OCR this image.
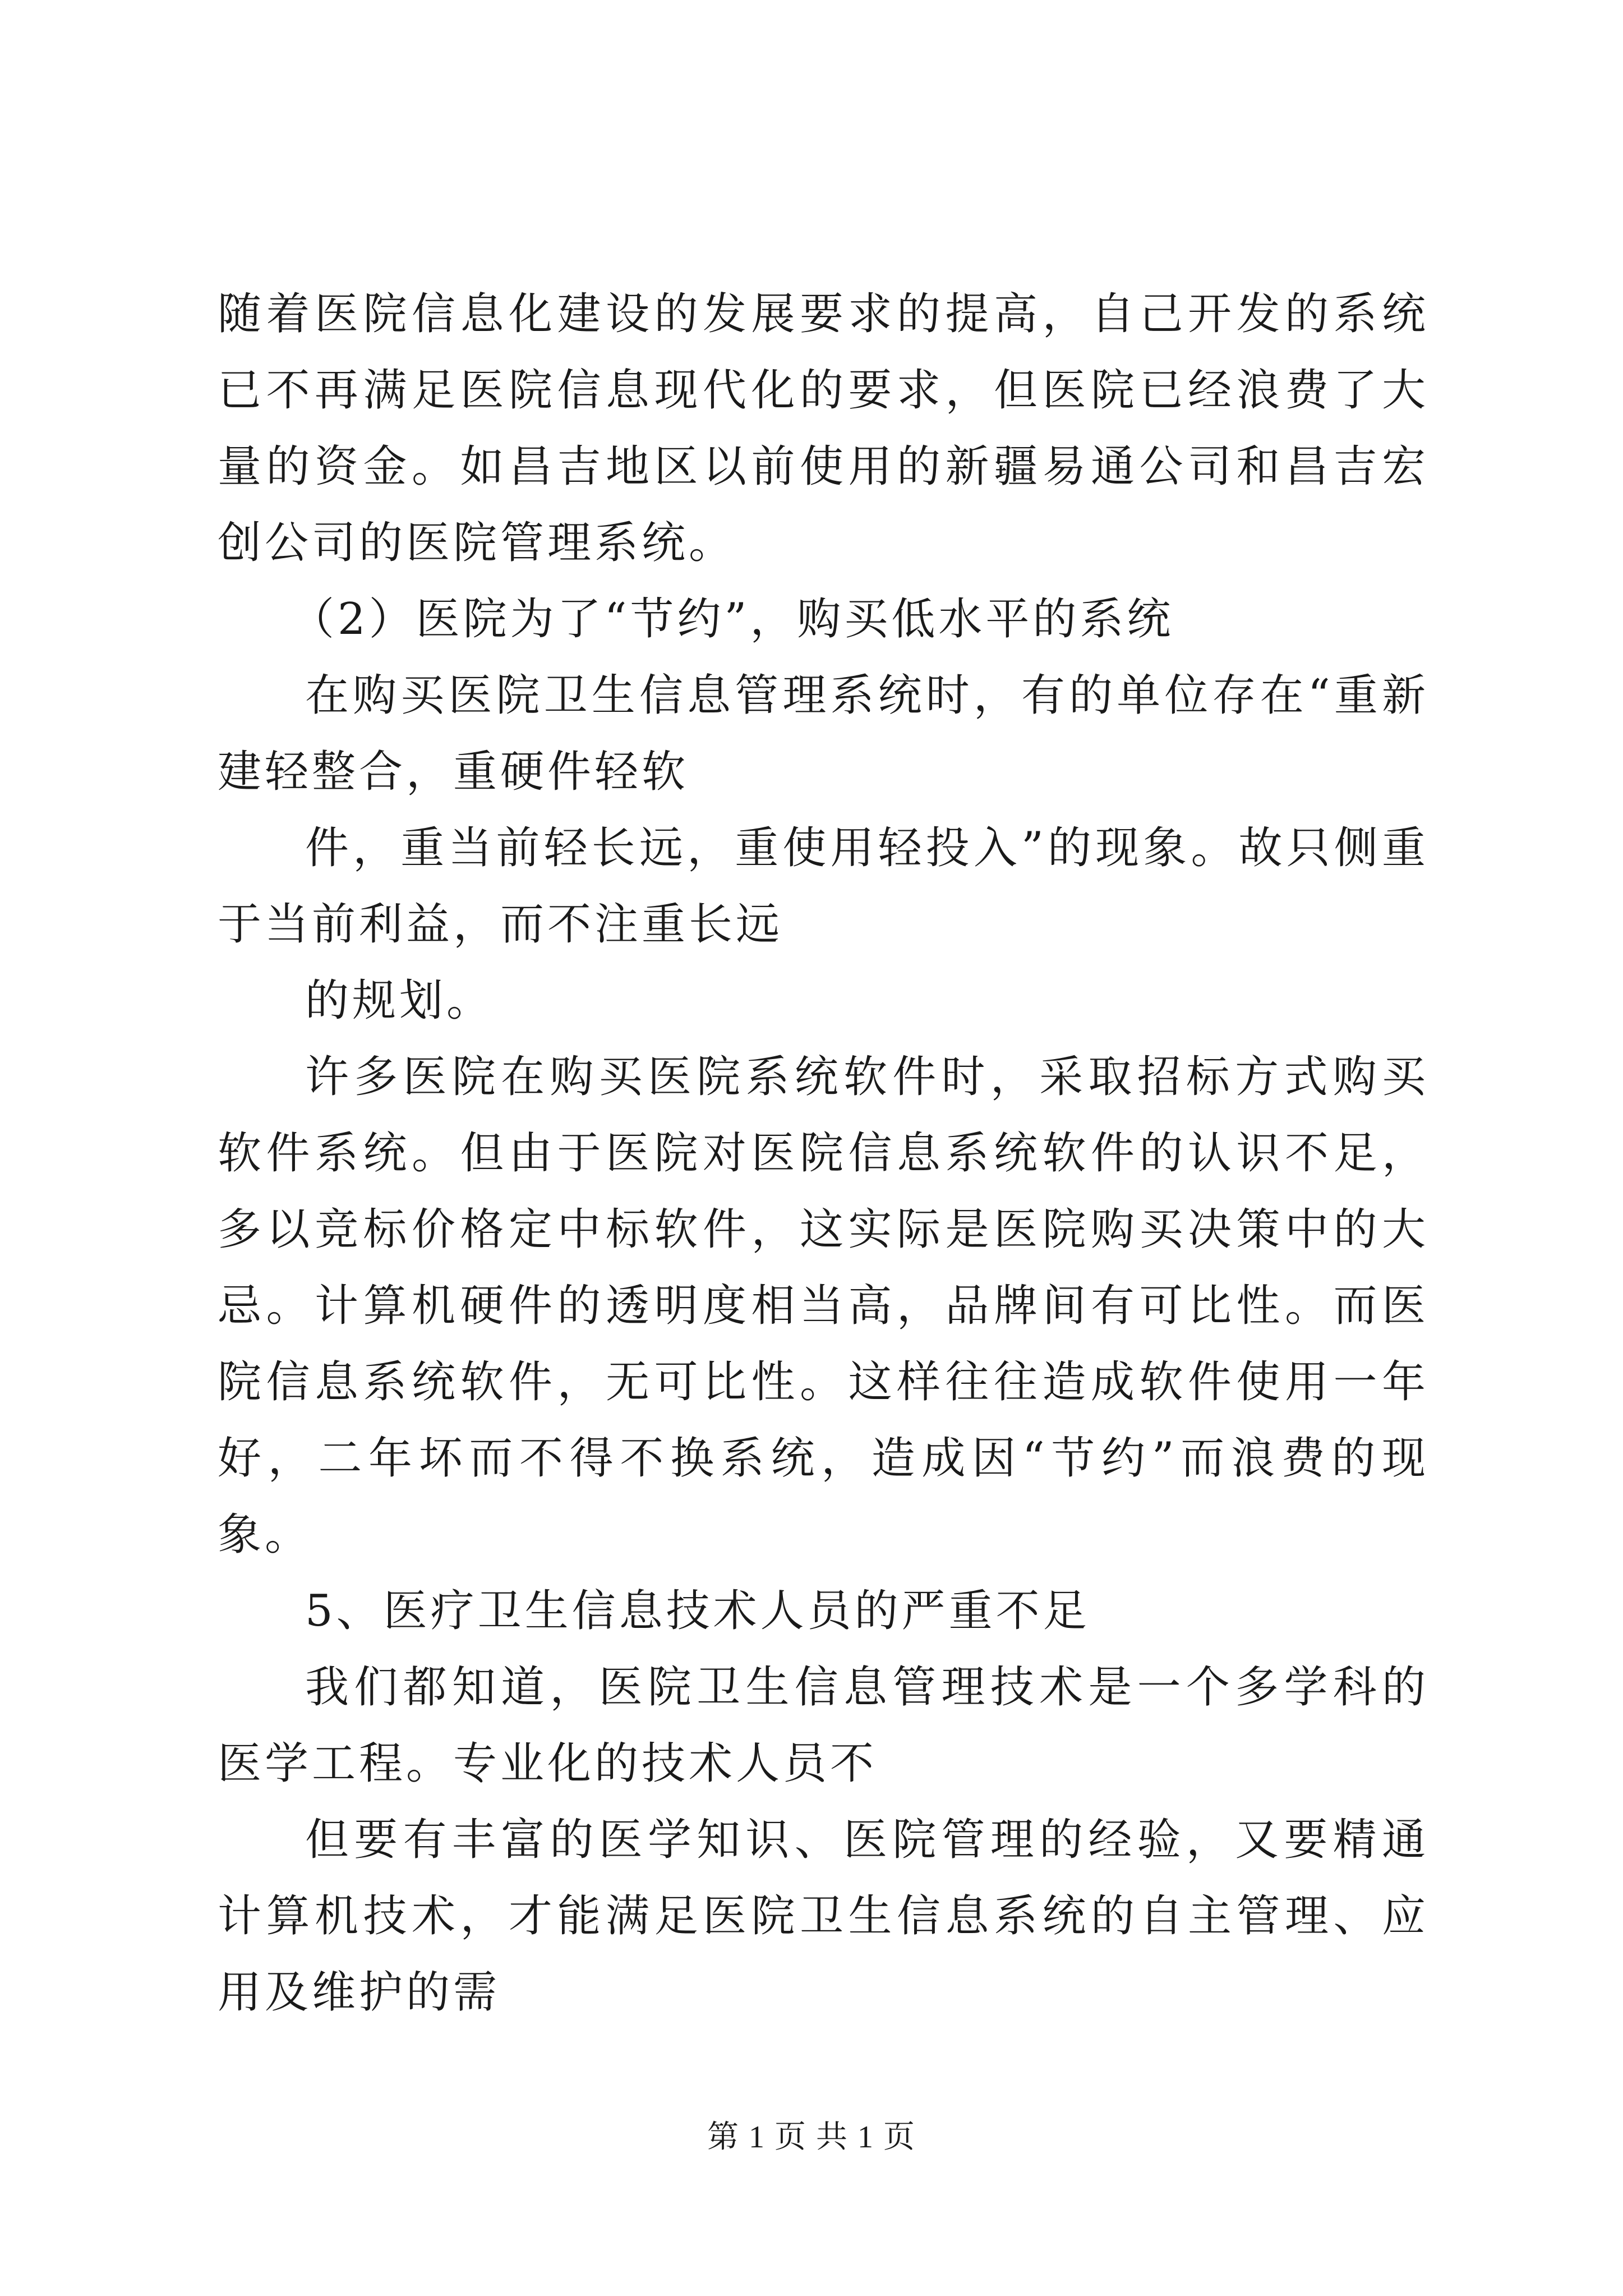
随着医院信息化建设的发展要求的提高，自己开发的系统已不再满足医院信息现代化的要求，但医院已经浪费了大量的资金。如昌吉地区以前使用的新疆易通公司和昌吉宏创公司的医院管理系统。

（2）医院为了“节约”，购买低水平的系统

在购买医院卫生信息管理系统时，有的单位存在“重新建轻整合，重硬件轻软

件，重当前轻长远，重使用轻投入”的现象。故只侧重于当前利益，而不注重长远

的规划。

许多医院在购买医院系统软件时，采取招标方式购买软件系统。但由于医院对医院信息系统软件的认识不足，多以竞标价格定中标软件，这实际是医院购买决策中的大忌。计算机硬件的透明度相当高，品牌间有可比性。而医院信息系统软件，无可比性。这样往往造成软件使用一年好，二年坏而不得不换系统，造成因“节约”而浪费的现象。

5、医疗卫生信息技术人员的严重不足

我们都知道，医院卫生信息管理技术是一个多学科的医学工程。专业化的技术人员不

但要有丰富的医学知识、医院管理的经验，又要精通计算机技术，才能满足医院卫生信息系统的自主管理、应用及维护的需

第 1 页 共 1 页
